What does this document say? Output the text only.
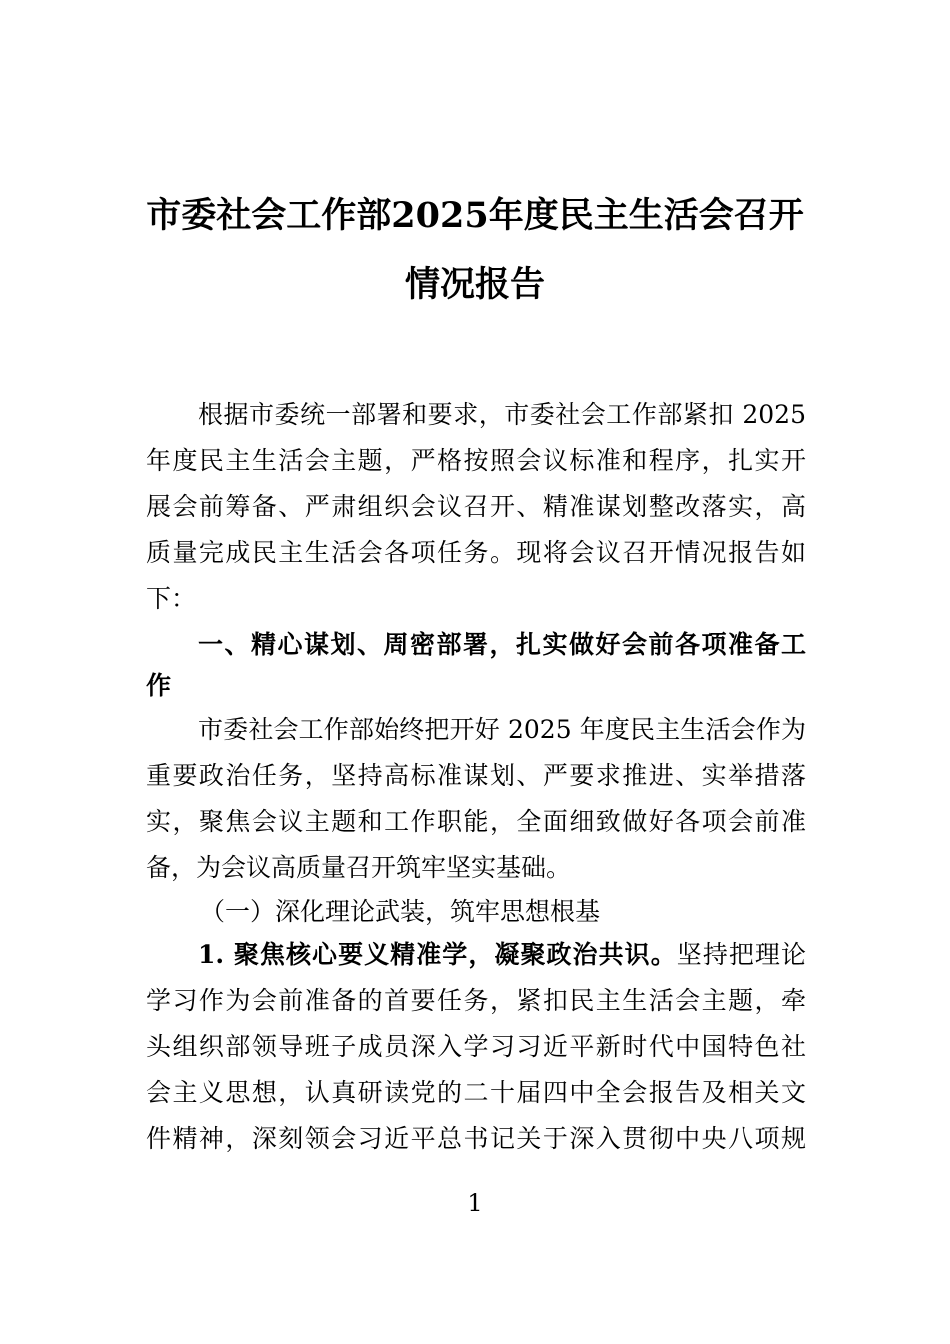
市委社会工作部2025年度民主生活会召开
情况报告
根据市委统一部署和要求，市委社会工作部紧扣 2025
年度民主生活会主题，严格按照会议标准和程序，扎实开
展会前筹备、严肃组织会议召开、精准谋划整改落实，高
质量完成民主生活会各项任务。现将会议召开情况报告如
下：
一、精心谋划、周密部署，扎实做好会前各项准备工
作
市委社会工作部始终把开好 2025 年度民主生活会作为
重要政治任务，坚持高标准谋划、严要求推进、实举措落
实，聚焦会议主题和工作职能，全面细致做好各项会前准
备，为会议高质量召开筑牢坚实基础。
（一）深化理论武装，筑牢思想根基
1. 聚焦核心要义精准学，凝聚政治共识。坚持把理论
学习作为会前准备的首要任务，紧扣民主生活会主题，牵
头组织部领导班子成员深入学习习近平新时代中国特色社
会主义思想，认真研读党的二十届四中全会报告及相关文
件精神，深刻领会习近平总书记关于深入贯彻中央八项规
1
